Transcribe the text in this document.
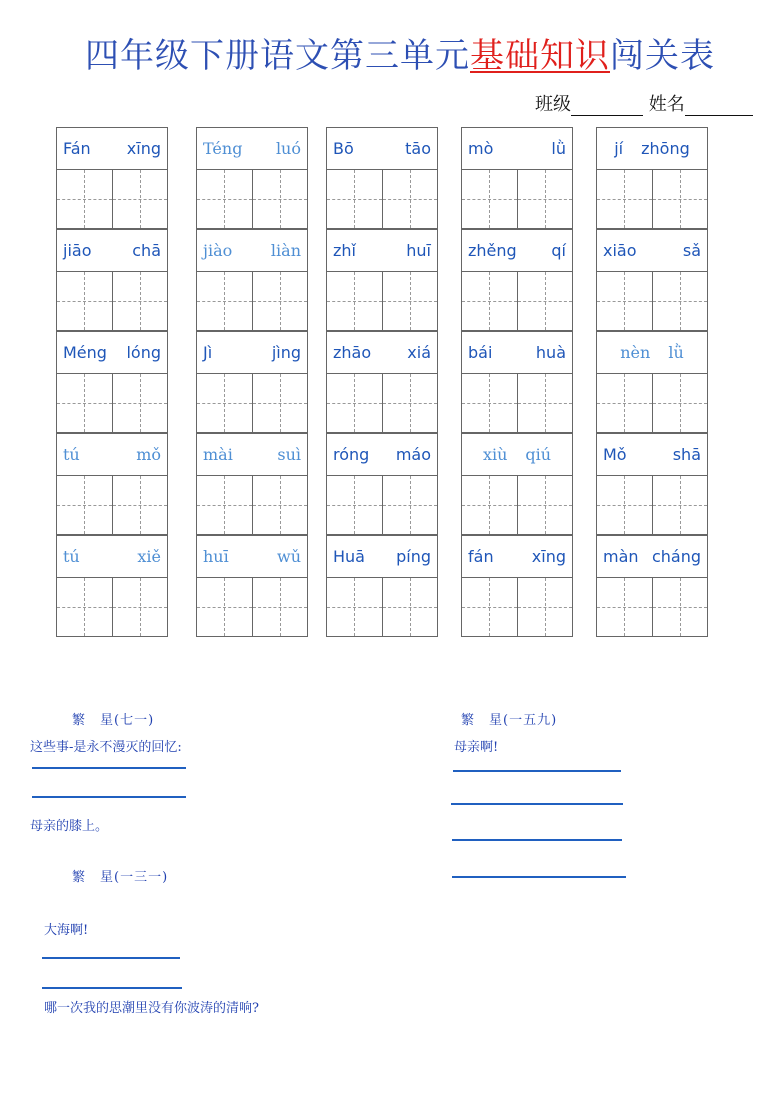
四年级下册语文第三单元基础知识闯关表
班级	姓名
Fán xīng
jiāo	chā
Méng lóng
tú	mǒ
tú	xiě
Téng luó
jiào liàn
Jì	jìng
mài	suì
huī	wǔ
Bō	tāo
zhǐ	huī
zhāo xiá
róng máo
Huā píng
mò	lǜ
zhěng qí
bái	huà
xiù qiú
fán xīng
jí zhōng
xiāo	sǎ
nèn lǜ
Mǒ	shā
màn cháng
繁　星(七一)
这些事-是永不漫灭的回忆:
母亲的膝上。
繁　星(一三一)
大海啊!
哪一次我的思潮里没有你波涛的清响?
繁　星(一五九)
母亲啊!
